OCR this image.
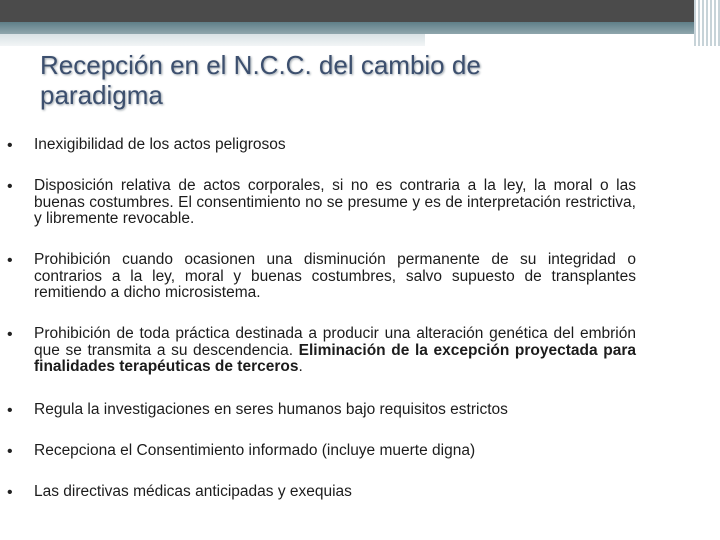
Recepción en el N.C.C. del cambio de paradigma
• Inexigibilidad de los actos peligrosos

• Disposición relativa de actos corporales, si no es contraria a la ley, la moral o las buenas costumbres. El consentimiento no se presume y es de interpretación restrictiva, y libremente revocable.

• Prohibición cuando ocasionen una disminución permanente de su integridad o contrarios a la ley, moral y buenas costumbres, salvo supuesto de transplantes remitiendo a dicho microsistema.

• Prohibición de toda práctica destinada a producir una alteración genética del embrión que se transmita a su descendencia. Eliminación de la excepción proyectada para finalidades terapéuticas de terceros.

• Regula la investigaciones en seres humanos bajo requisitos estrictos

• Recepciona el Consentimiento informado (incluye muerte digna)

• Las directivas médicas anticipadas y exequias
